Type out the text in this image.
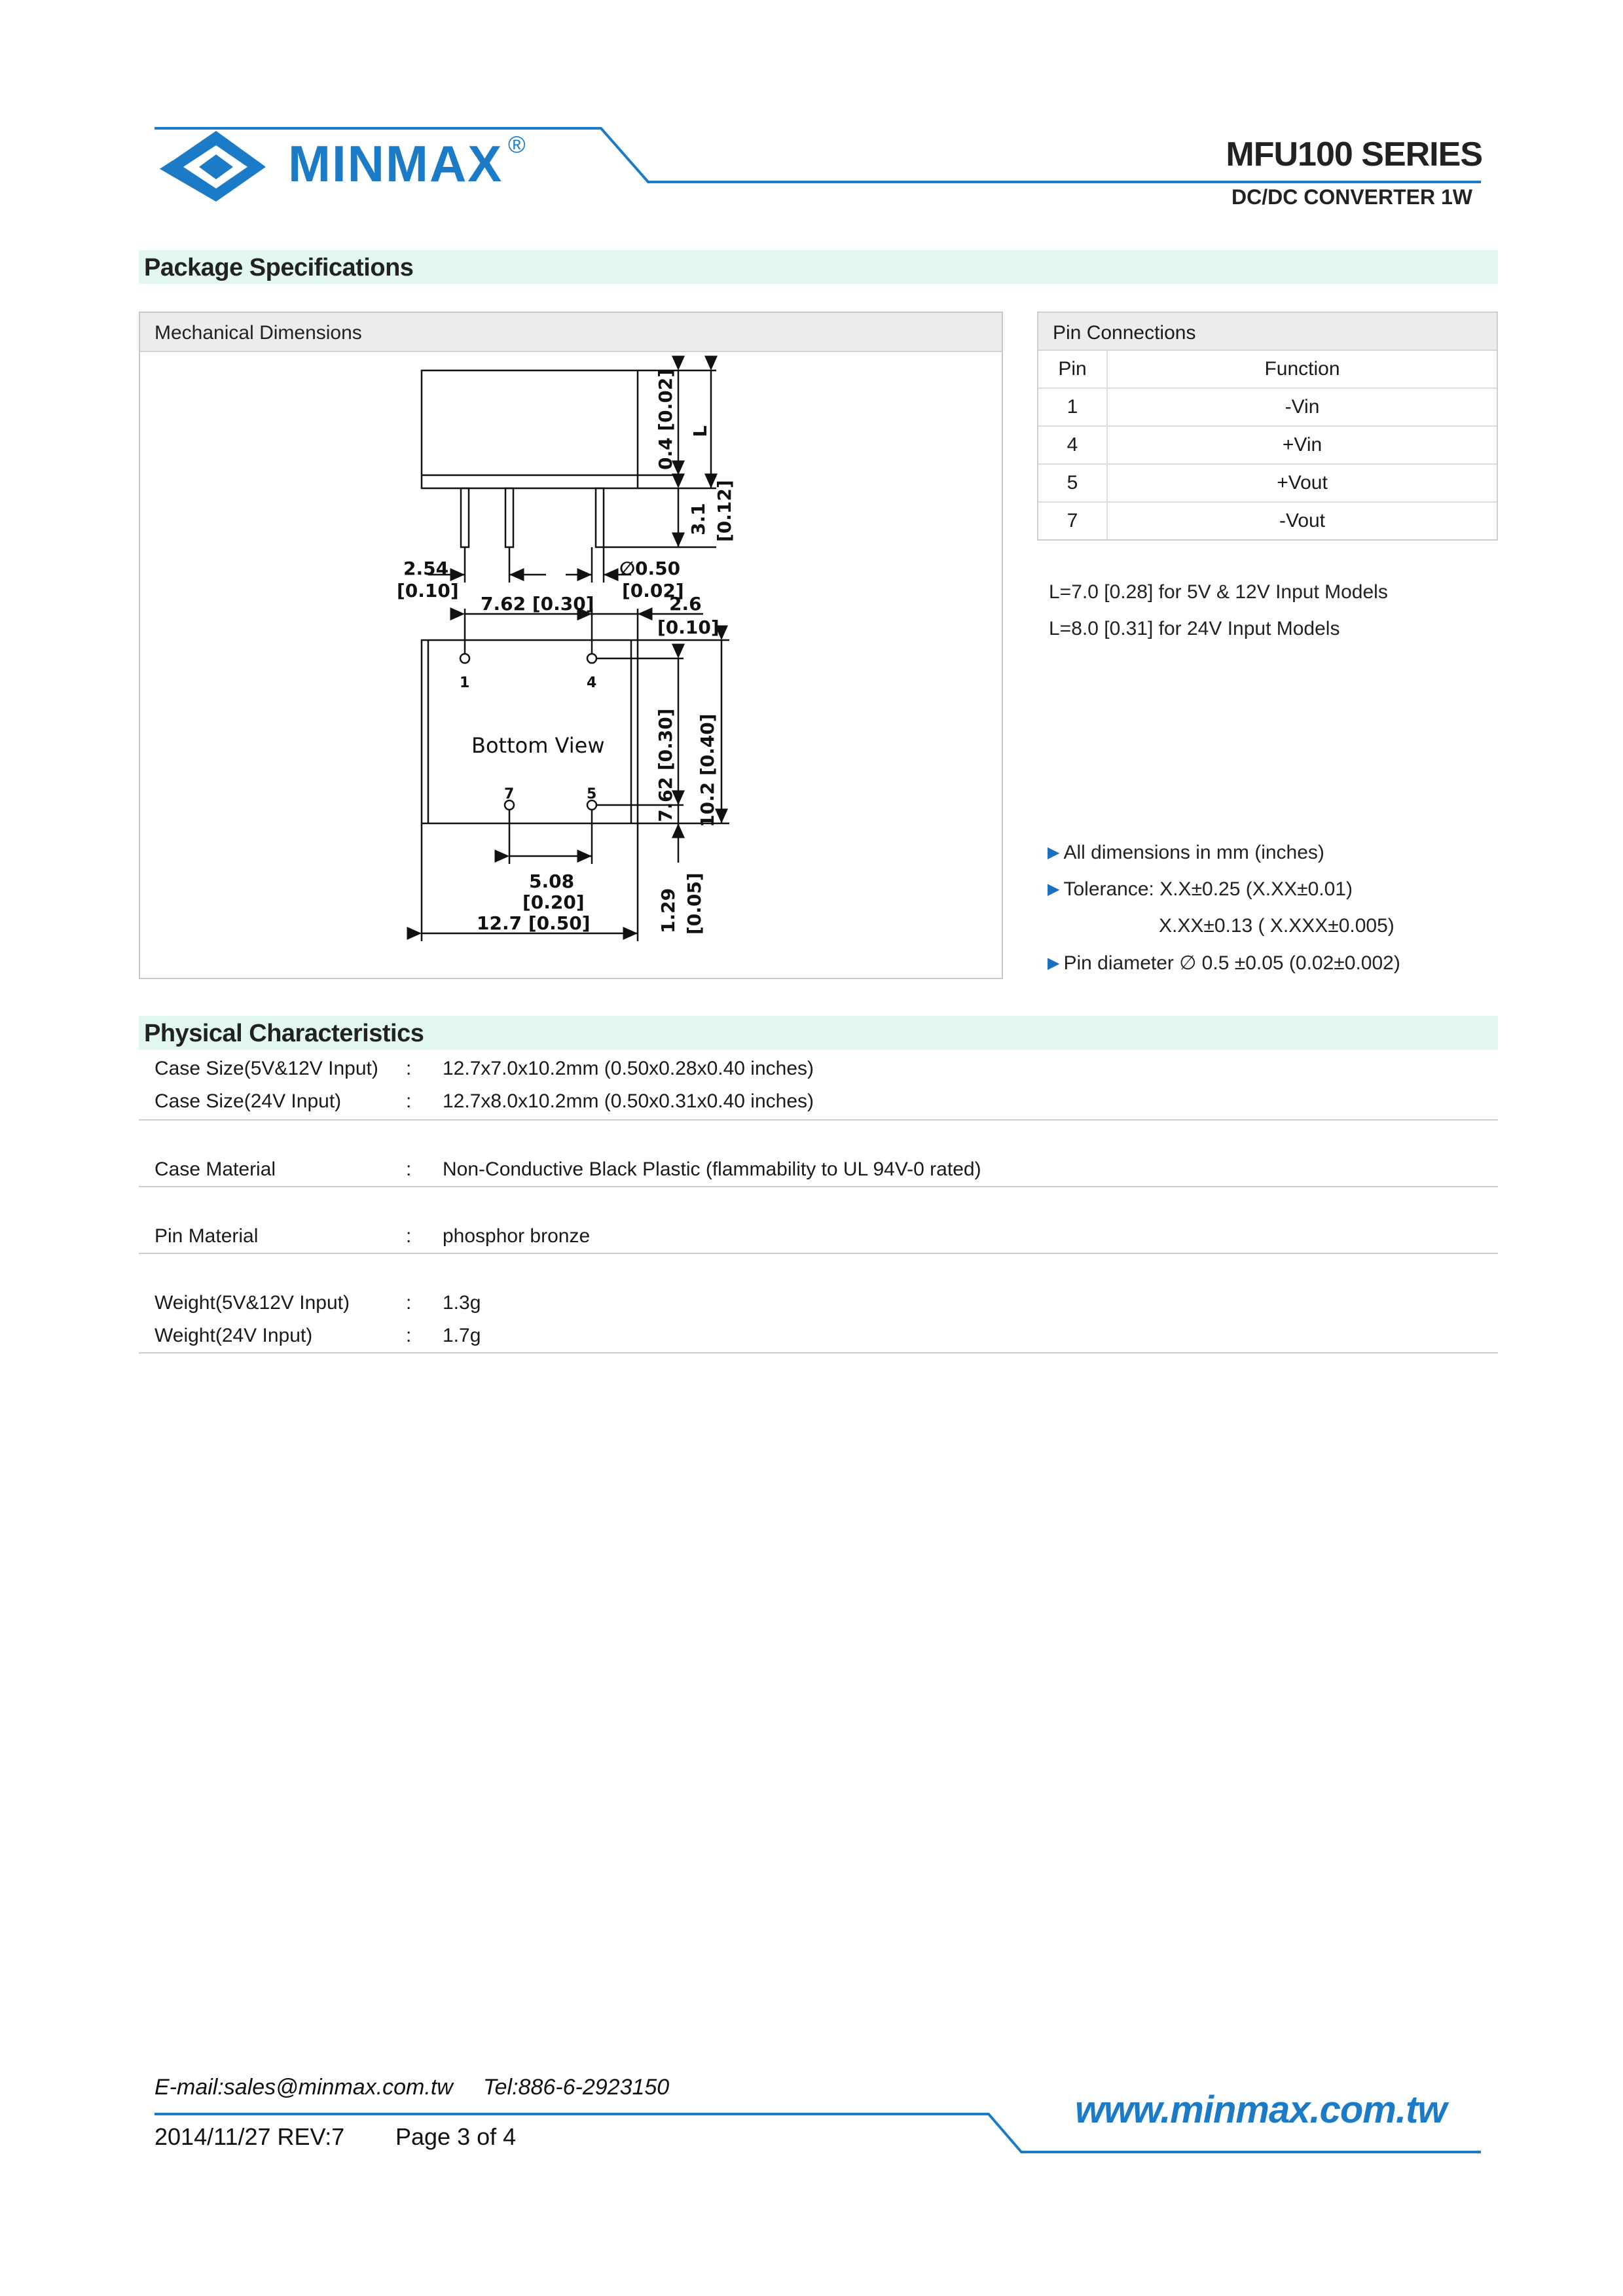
MINMAX ®	MFU100 SERIES
DC/DC CONVERTER 1W
Package Specifications
Mechanical Dimensions
2.54
[0.10]
∅0.50
[0.02]
0.4 [0.02] L
3.1 [0.12]
7.62 [0.30]	2.6
[0.10]
1	4
7	5
Bottom View	7.62 [0.30] 10.2 [0.40]
5.08
[0.20]
12.7 [0.50]	1.29 [0.05]
Pin Connections
Pin	Function
1	-Vin
4	+Vin
5	+Vout
7	-Vout
L=7.0 [0.28] for 5V & 12V Input Models
L=8.0 [0.31] for 24V Input Models
▶ All dimensions in mm (inches)
▶ Tolerance: X.X±0.25 (X.XX±0.01)
X.XX±0.13 ( X.XXX±0.005)
▶ Pin diameter ∅ 0.5 ±0.05 (0.02±0.002)
Physical Characteristics
Case Size(5V&12V Input) : 12.7x7.0x10.2mm (0.50x0.28x0.40 inches)
Case Size(24V Input)	: 12.7x8.0x10.2mm (0.50x0.31x0.40 inches)
Case Material	: Non-Conductive Black Plastic (flammability to UL 94V-0 rated)
Pin Material	: phosphor bronze
Weight(5V&12V Input)	: 1.3g
Weight(24V Input)	: 1.7g
E-mail:sales@minmax.com.tw Tel:886-6-2923150
2014/11/27 REV:7 Page 3 of 4
www.minmax.com.tw
